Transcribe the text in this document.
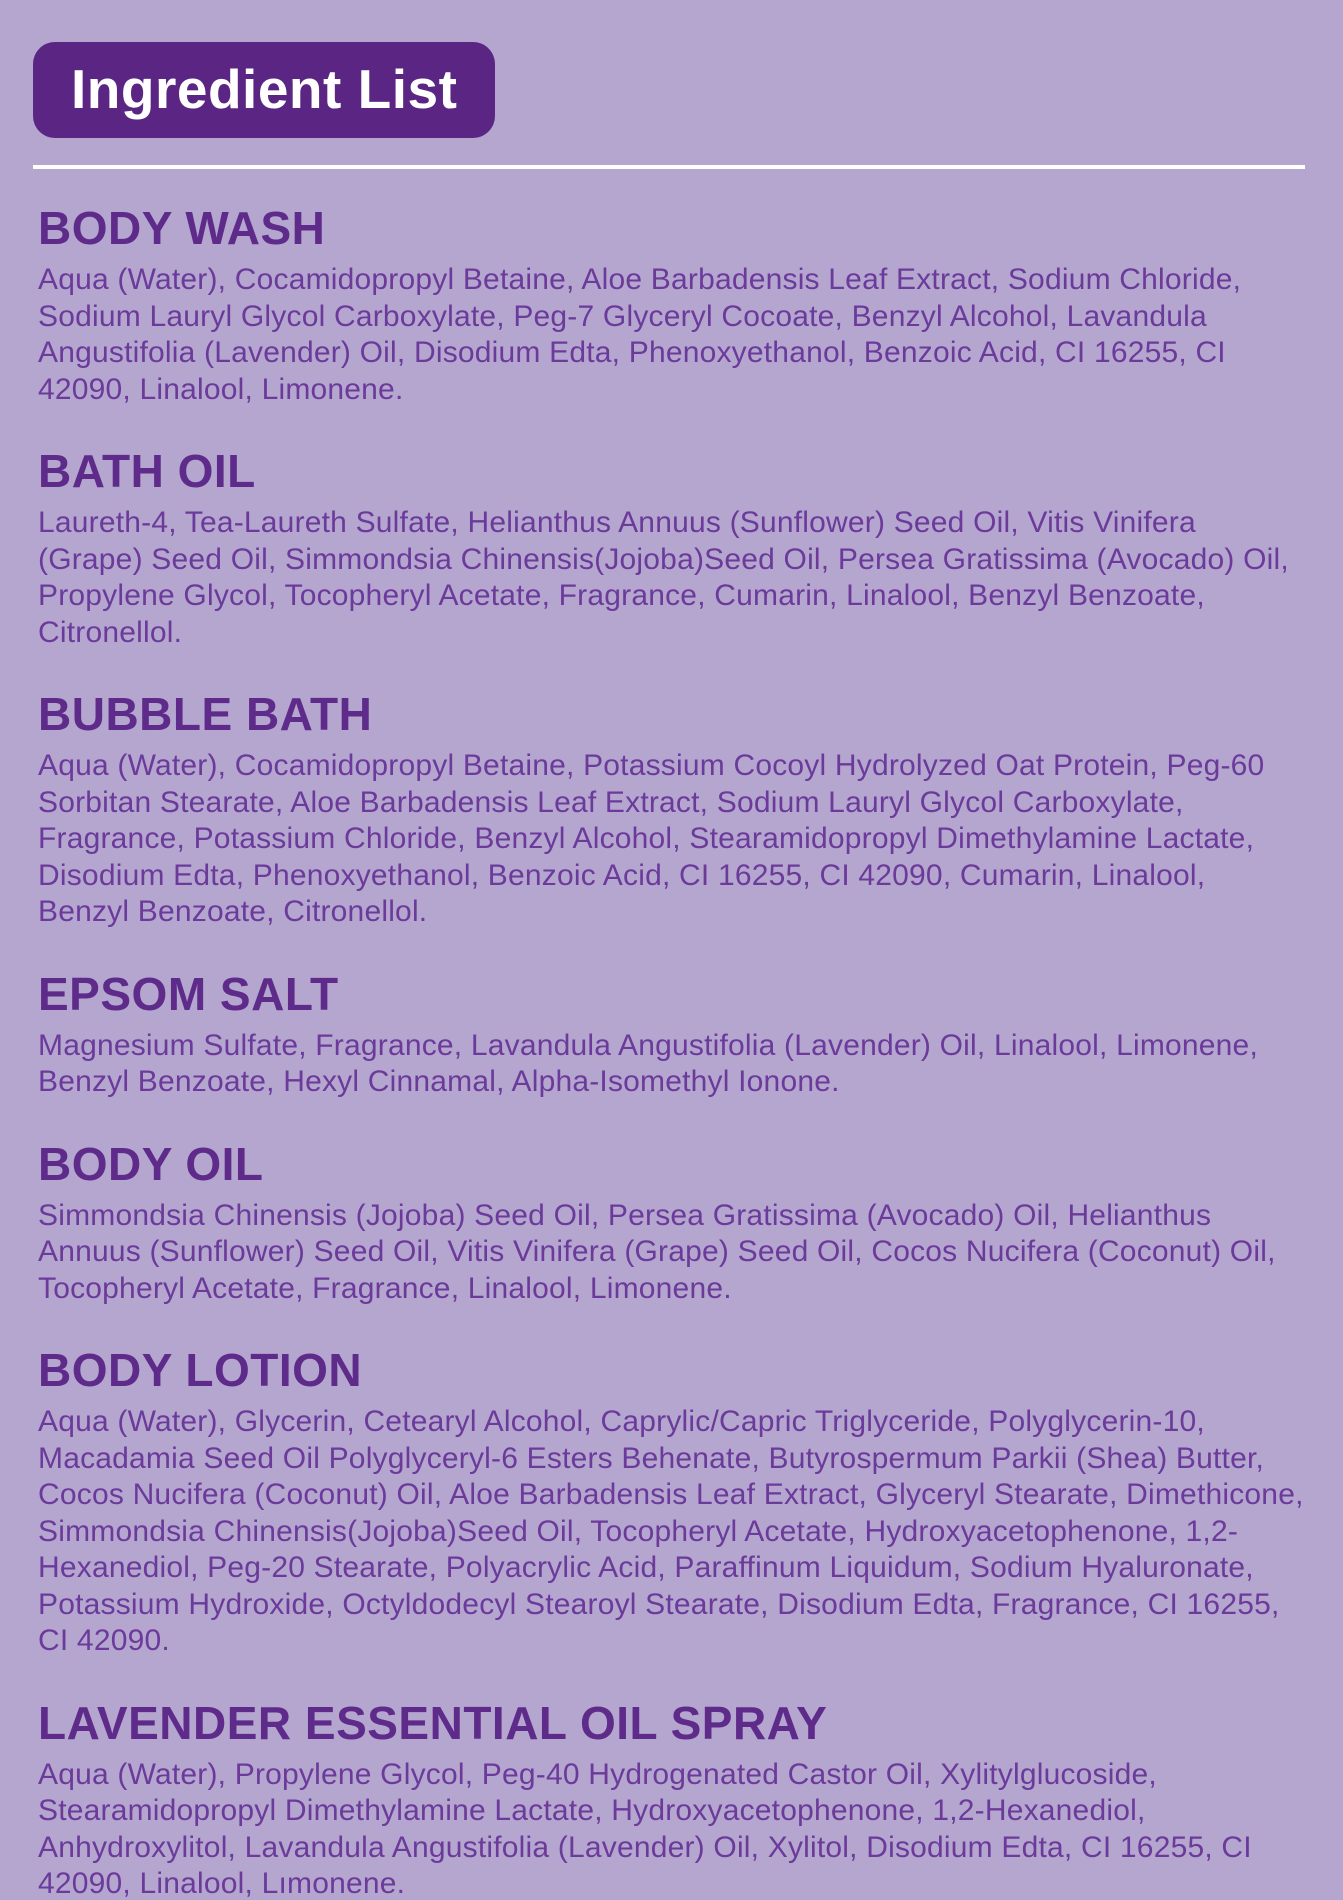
Ingredient List
BODY WASH

Aqua (Water), Cocamidopropyl Betaine, Aloe Barbadensis Leaf Extract, Sodium Chloride, Sodium Lauryl Glycol Carboxylate, Peg-7 Glyceryl Cocoate, Benzyl Alcohol, Lavandula Angustifolia (Lavender) Oil, Disodium Edta, Phenoxyethanol, Benzoic Acid, CI 16255, CI 42090, Linalool, Limonene.

BATH OIL

Laureth-4, Tea-Laureth Sulfate, Helianthus Annuus (Sunflower) Seed Oil, Vitis Vinifera (Grape) Seed Oil, Simmondsia Chinensis(Jojoba)Seed Oil, Persea Gratissima (Avocado) Oil, Propylene Glycol, Tocopheryl Acetate, Fragrance, Cumarin, Linalool, Benzyl Benzoate, Citronellol.

BUBBLE BATH

Aqua (Water), Cocamidopropyl Betaine, Potassium Cocoyl Hydrolyzed Oat Protein, Peg-60 Sorbitan Stearate, Aloe Barbadensis Leaf Extract, Sodium Lauryl Glycol Carboxylate, Fragrance, Potassium Chloride, Benzyl Alcohol, Stearamidopropyl Dimethylamine Lactate, Disodium Edta, Phenoxyethanol, Benzoic Acid, CI 16255, CI 42090, Cumarin, Linalool, Benzyl Benzoate, Citronellol.

EPSOM SALT

Magnesium Sulfate, Fragrance, Lavandula Angustifolia (Lavender) Oil, Linalool, Limonene, Benzyl Benzoate, Hexyl Cinnamal, Alpha-Isomethyl Ionone.

BODY OIL

Simmondsia Chinensis (Jojoba) Seed Oil, Persea Gratissima (Avocado) Oil, Helianthus Annuus (Sunflower) Seed Oil, Vitis Vinifera (Grape) Seed Oil, Cocos Nucifera (Coconut) Oil, Tocopheryl Acetate, Fragrance, Linalool, Limonene.

BODY LOTION

Aqua (Water), Glycerin, Cetearyl Alcohol, Caprylic/Capric Triglyceride, Polyglycerin-10, Macadamia Seed Oil Polyglyceryl-6 Esters Behenate, Butyrospermum Parkii (Shea) Butter, Cocos Nucifera (Coconut) Oil, Aloe Barbadensis Leaf Extract, Glyceryl Stearate, Dimethicone, Simmondsia Chinensis(Jojoba)Seed Oil, Tocopheryl Acetate, Hydroxyacetophenone, 1,2-Hexanediol, Peg-20 Stearate, Polyacrylic Acid, Paraffinum Liquidum, Sodium Hyaluronate, Potassium Hydroxide, Octyldodecyl Stearoyl Stearate, Disodium Edta, Fragrance, CI 16255, CI 42090.

LAVENDER ESSENTIAL OIL SPRAY

Aqua (Water), Propylene Glycol, Peg-40 Hydrogenated Castor Oil, Xylitylglucoside, Stearamidopropyl Dimethylamine Lactate, Hydroxyacetophenone, 1,2-Hexanediol, Anhydroxylitol, Lavandula Angustifolia (Lavender) Oil, Xylitol, Disodium Edta, CI 16255, CI 42090, Linalool, Lımonene.
